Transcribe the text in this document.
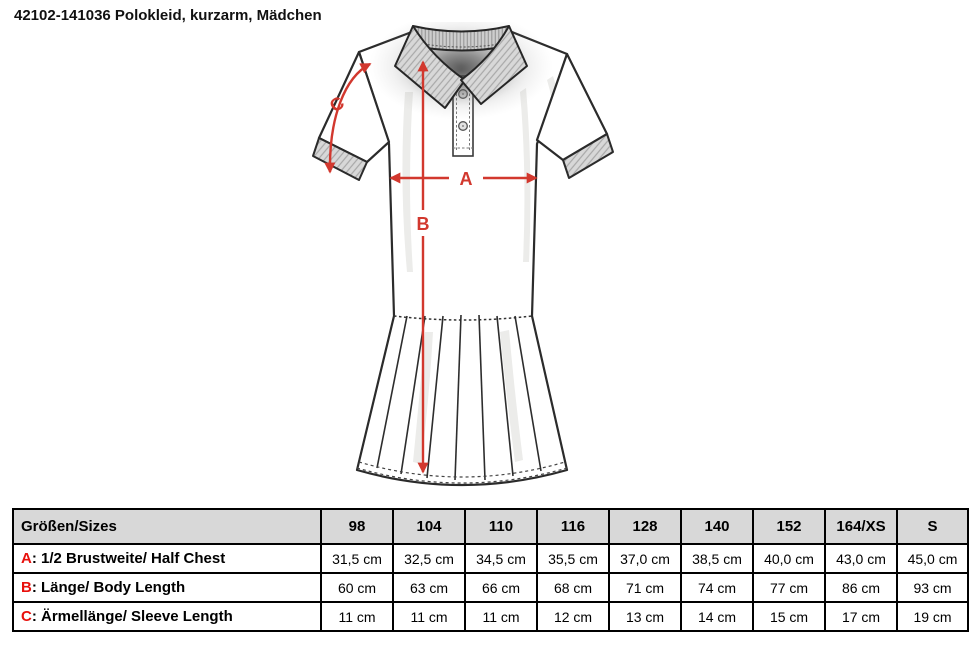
42102-141036 Polokleid, kurzarm, Mädchen
A
B
C
Größen/Sizes	98	104	110	116	128	140	152	164/XS	S
A: 1/2 Brustweite/ Half Chest	31,5 cm	32,5 cm	34,5 cm	35,5 cm	37,0 cm	38,5 cm	40,0 cm	43,0 cm	45,0 cm
B: Länge/ Body Length	60 cm	63 cm	66 cm	68 cm	71 cm	74 cm	77 cm	86 cm	93 cm
C: Ärmellänge/ Sleeve Length	11 cm	11 cm	11 cm	12 cm	13 cm	14 cm	15 cm	17 cm	19 cm
